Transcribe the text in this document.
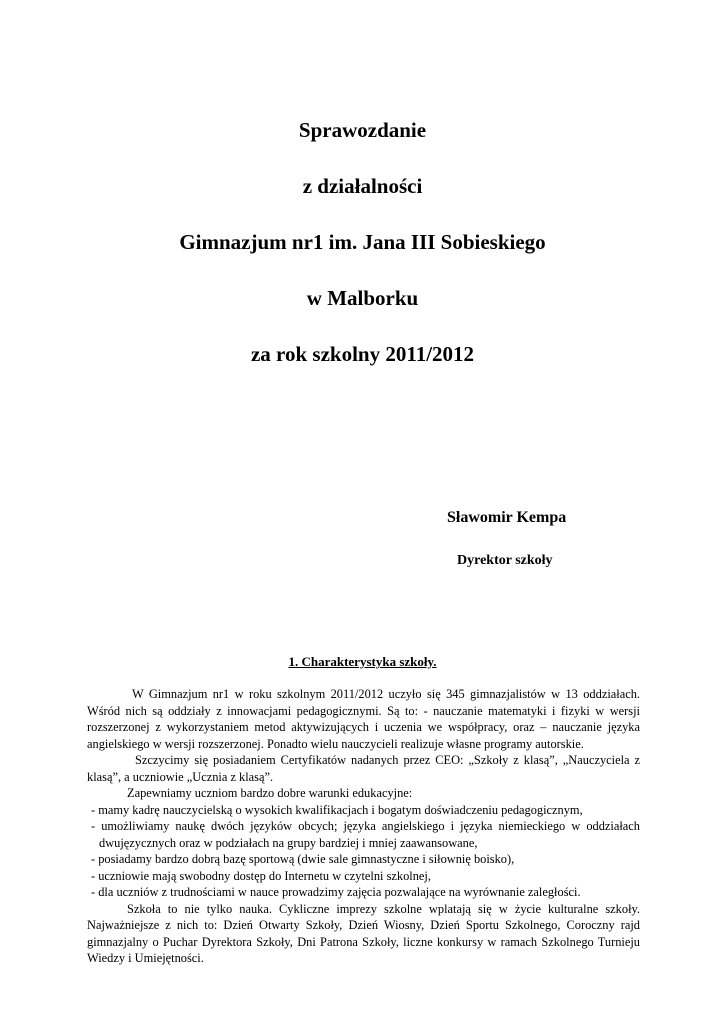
Sprawozdanie
z działalności
Gimnazjum nr1 im. Jana III Sobieskiego
w Malborku
za rok szkolny 2011/2012
Sławomir Kempa
Dyrektor szkoły
1. Charakterystyka szkoły.

W Gimnazjum nr1 w roku szkolnym 2011/2012 uczyło się 345 gimnazjalistów w 13 oddziałach. Wśród nich są oddziały z innowacjami pedagogicznymi. Są to: - nauczanie matematyki i fizyki w wersji rozszerzonej z wykorzystaniem metod aktywizujących i uczenia we współpracy, oraz – nauczanie języka angielskiego w wersji rozszerzonej. Ponadto wielu nauczycieli realizuje własne programy autorskie.

Szczycimy się posiadaniem Certyfikatów nadanych przez CEO: „Szkoły z klasą”, „Nauczyciela z klasą”, a uczniowie „Ucznia z klasą”.

Zapewniamy uczniom bardzo dobre warunki edukacyjne:

- mamy kadrę nauczycielską o wysokich kwalifikacjach i bogatym doświadczeniu pedagogicznym,

- umożliwiamy naukę dwóch języków obcych; języka angielskiego i języka niemieckiego w oddziałach dwujęzycznych oraz w podziałach na grupy bardziej i mniej zaawansowane,

- posiadamy bardzo dobrą bazę sportową (dwie sale gimnastyczne i siłownię boisko),

- uczniowie mają swobodny dostęp do Internetu w czytelni szkolnej,

- dla uczniów z trudnościami w nauce prowadzimy zajęcia pozwalające na wyrównanie zaległości.

Szkoła to nie tylko nauka. Cykliczne imprezy szkolne wplatają się w życie kulturalne szkoły. Najważniejsze z nich to: Dzień Otwarty Szkoły, Dzień Wiosny, Dzień Sportu Szkolnego, Coroczny rajd gimnazjalny o Puchar Dyrektora Szkoły, Dni Patrona Szkoły, liczne konkursy w ramach Szkolnego Turnieju Wiedzy i Umiejętności.
